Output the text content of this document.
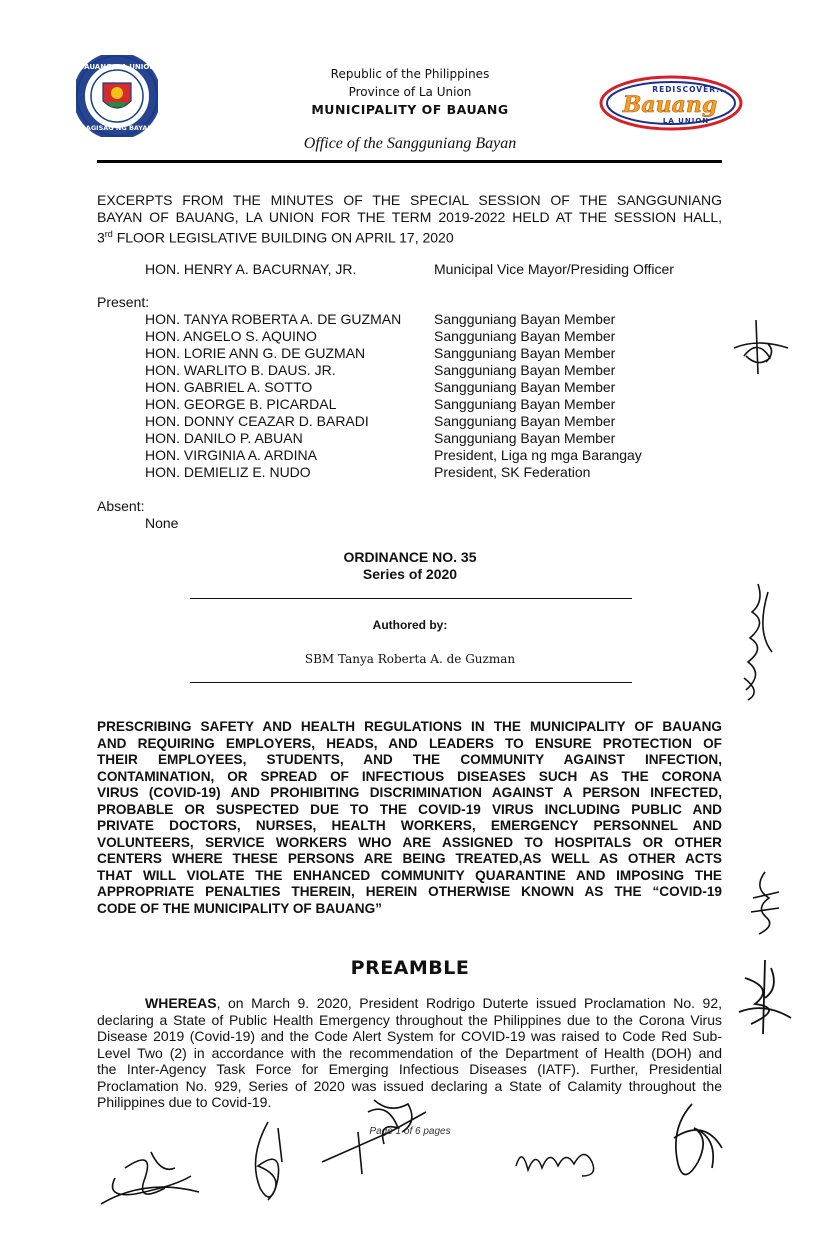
BAUANG, LA UNION
SAGISAG NG BAYAN
Republic of the Philippines
Province of La Union
MUNICIPALITY OF BAUANG
Office of the Sangguniang Bayan
REDISCOVER...
Bauang
LA UNION
EXCERPTS FROM THE MINUTES OF THE SPECIAL SESSION OF THE SANGGUNIANG
BAYAN OF BAUANG, LA UNION FOR THE TERM 2019-2022 HELD AT THE SESSION HALL,
3rd FLOOR LEGISLATIVE BUILDING ON APRIL 17, 2020
HON. HENRY A. BACURNAY, JR.	Municipal Vice Mayor/Presiding Officer
Present:
HON. TANYA ROBERTA A. DE GUZMAN Sangguniang Bayan Member
HON. ANGELO S. AQUINO	Sangguniang Bayan Member
HON. LORIE ANN G. DE GUZMAN	Sangguniang Bayan Member
HON. WARLITO B. DAUS. JR.	Sangguniang Bayan Member
HON. GABRIEL A. SOTTO	Sangguniang Bayan Member
HON. GEORGE B. PICARDAL	Sangguniang Bayan Member
HON. DONNY CEAZAR D. BARADI	Sangguniang Bayan Member
HON. DANILO P. ABUAN	Sangguniang Bayan Member
HON. VIRGINIA A. ARDINA	President, Liga ng mga Barangay
HON. DEMIELIZ E. NUDO	President, SK Federation
Absent:
None
ORDINANCE NO. 35
Series of 2020
Authored by:
SBM Tanya Roberta A. de Guzman
PRESCRIBING SAFETY AND HEALTH REGULATIONS IN THE MUNICIPALITY OF BAUANG
AND REQUIRING EMPLOYERS, HEADS, AND LEADERS TO ENSURE PROTECTION OF
THEIR EMPLOYEES, STUDENTS, AND THE COMMUNITY AGAINST INFECTION,
CONTAMINATION, OR SPREAD OF INFECTIOUS DISEASES SUCH AS THE CORONA
VIRUS (COVID-19) AND PROHIBITING DISCRIMINATION AGAINST A PERSON INFECTED,
PROBABLE OR SUSPECTED DUE TO THE COVID-19 VIRUS INCLUDING PUBLIC AND
PRIVATE DOCTORS, NURSES, HEALTH WORKERS, EMERGENCY PERSONNEL AND
VOLUNTEERS, SERVICE WORKERS WHO ARE ASSIGNED TO HOSPITALS OR OTHER
CENTERS WHERE THESE PERSONS ARE BEING TREATED,AS WELL AS OTHER ACTS
THAT WILL VIOLATE THE ENHANCED COMMUNITY QUARANTINE AND IMPOSING THE
APPROPRIATE PENALTIES THEREIN, HEREIN OTHERWISE KNOWN AS THE “COVID-19
CODE OF THE MUNICIPALITY OF BAUANG”
PREAMBLE
WHEREAS, on March 9. 2020, President Rodrigo Duterte issued Proclamation No. 92,
declaring a State of Public Health Emergency throughout the Philippines due to the Corona Virus
Disease 2019 (Covid-19) and the Code Alert System for COVID-19 was raised to Code Red Sub-
Level Two (2) in accordance with the recommendation of the Department of Health (DOH) and
the Inter-Agency Task Force for Emerging Infectious Diseases (IATF). Further, Presidential
Proclamation No. 929, Series of 2020 was issued declaring a State of Calamity throughout the
Philippines due to Covid-19.
Page 1 of 6 pages
